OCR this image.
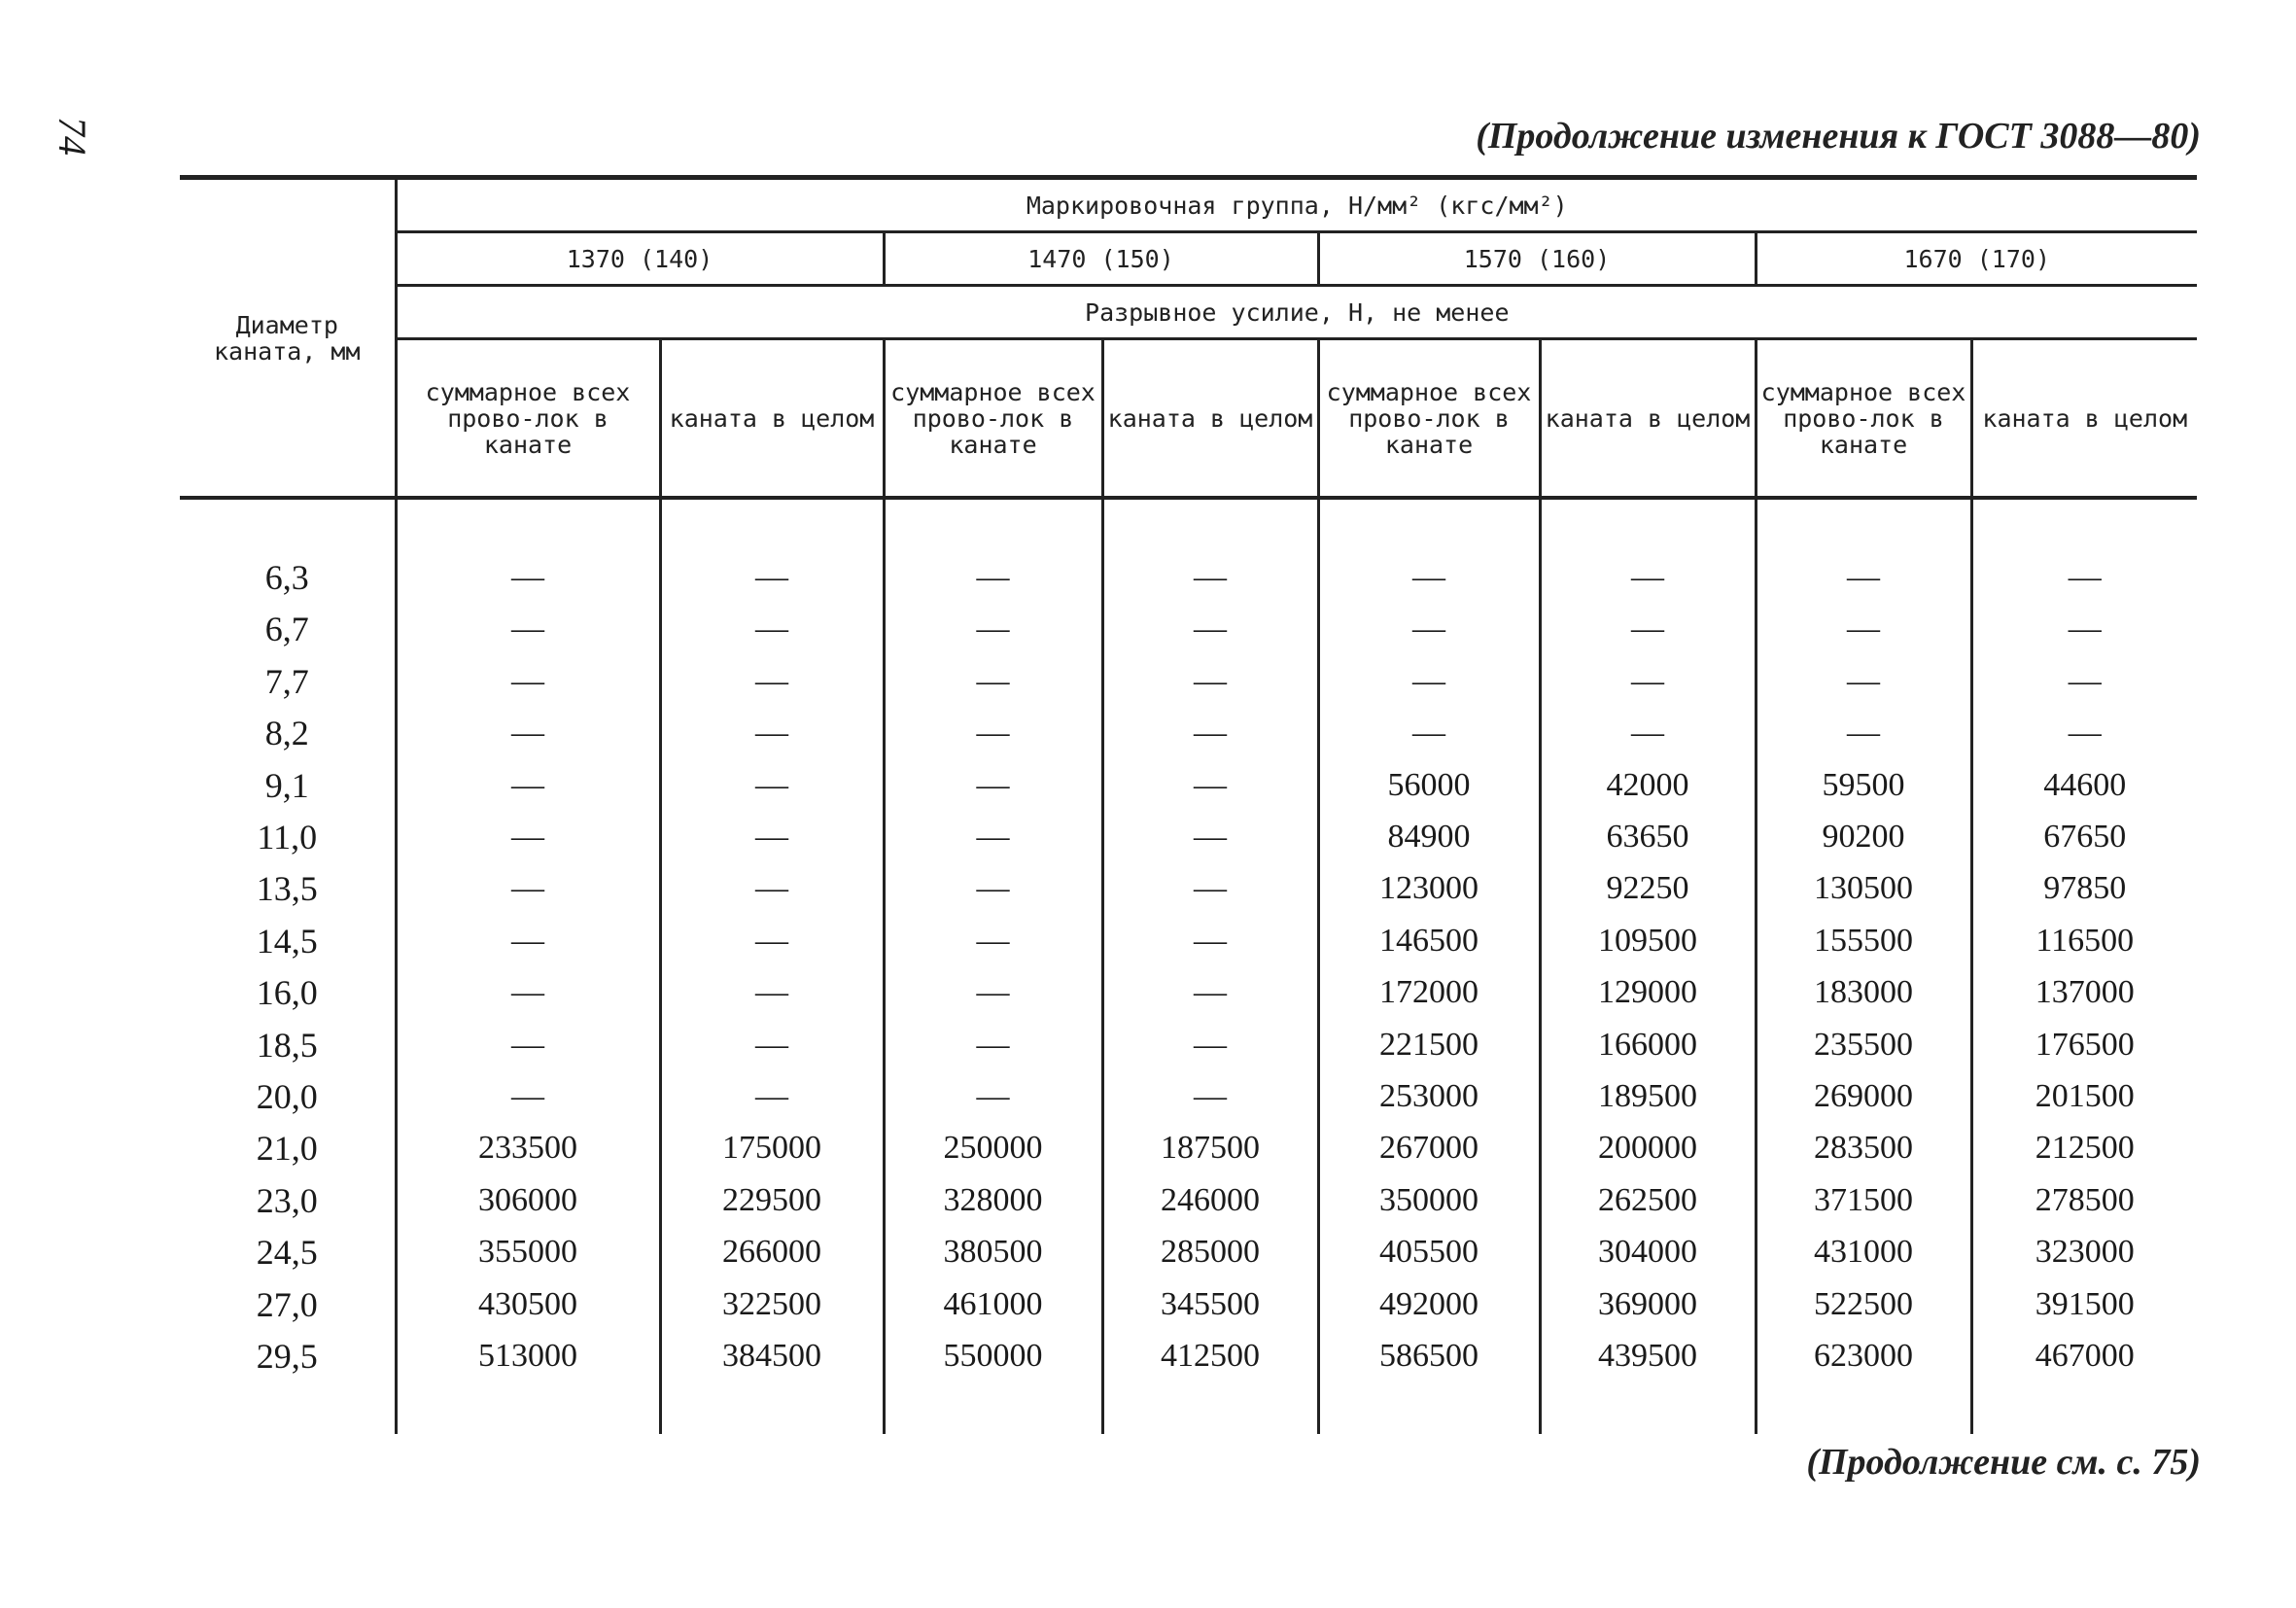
74	(Продолжение изменения к ГОСТ 3088—80)
Диаметр каната, мм	Маркировочная группа, Н/мм² (кгс/мм²)							
	1370 (140)		1470 (150)		1570 (160)		1670 (170)	
	Разрывное усилие, Н, не менее							
	суммарное всех прово-лок в канате	каната в целом	суммарное всех прово-лок в канате	каната в целом	суммарное всех прово-лок в канате	каната в целом	суммарное всех прово-лок в канате	каната в целом

6,3	—	—	—	—	—	—	—	—
6,7	—	—	—	—	—	—	—	—
7,7	—	—	—	—	—	—	—	—
8,2	—	—	—	—	—	—	—	—
9,1	—	—	—	—	56000	42000	59500	44600
11,0	—	—	—	—	84900	63650	90200	67650
13,5	—	—	—	—	123000	92250	130500	97850
14,5	—	—	—	—	146500	109500	155500	116500
16,0	—	—	—	—	172000	129000	183000	137000
18,5	—	—	—	—	221500	166000	235500	176500
20,0	—	—	—	—	253000	189500	269000	201500
21,0	233500	175000	250000	187500	267000	200000	283500	212500
23,0	306000	229500	328000	246000	350000	262500	371500	278500
24,5	355000	266000	380500	285000	405500	304000	431000	323000
27,0	430500	322500	461000	345500	492000	369000	522500	391500
29,5	513000	384500	550000	412500	586500	439500	623000	467000

(Продолжение см. с. 75)
